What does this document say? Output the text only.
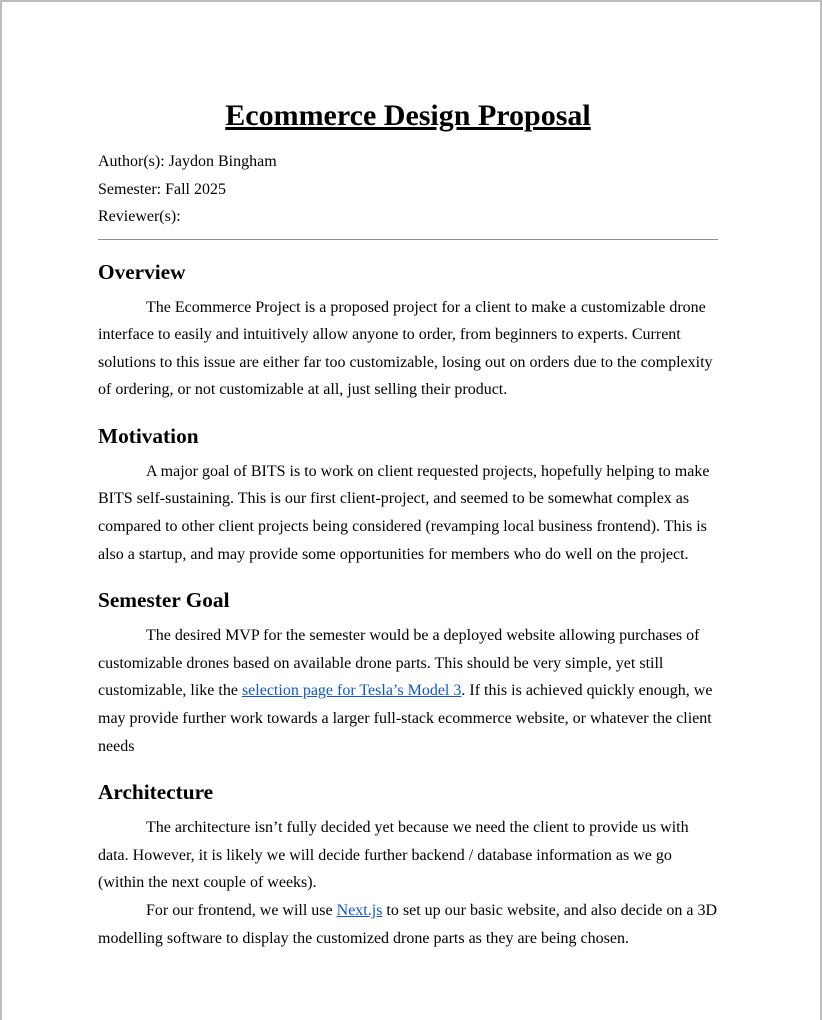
Ecommerce Design Proposal

Author(s): Jaydon Bingham

Semester: Fall 2025

Reviewer(s):

Overview

The Ecommerce Project is a proposed project for a client to make a customizable drone interface to easily and intuitively allow anyone to order, from beginners to experts. Current solutions to this issue are either far too customizable, losing out on orders due to the complexity of ordering, or not customizable at all, just selling their product.

Motivation

A major goal of BITS is to work on client requested projects, hopefully helping to make BITS self-sustaining. This is our first client-project, and seemed to be somewhat complex as compared to other client projects being considered (revamping local business frontend). This is also a startup, and may provide some opportunities for members who do well on the project.

Semester Goal

The desired MVP for the semester would be a deployed website allowing purchases of customizable drones based on available drone parts. This should be very simple, yet still customizable, like the selection page for Tesla’s Model 3. If this is achieved quickly enough, we may provide further work towards a larger full-stack ecommerce website, or whatever the client needs

Architecture

The architecture isn’t fully decided yet because we need the client to provide us with data. However, it is likely we will decide further backend / database information as we go (within the next couple of weeks).

For our frontend, we will use Next.js to set up our basic website, and also decide on a 3D modelling software to display the customized drone parts as they are being chosen.
